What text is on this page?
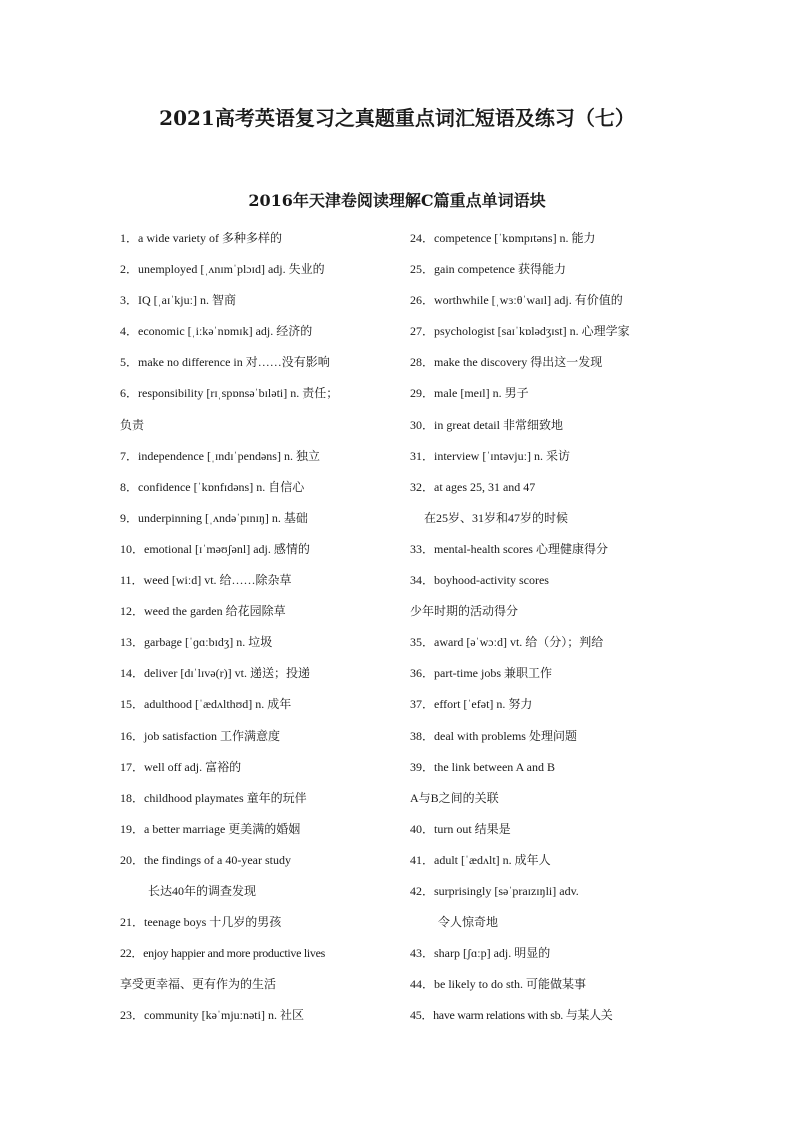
2021高考英语复习之真题重点词汇短语及练习（七）
2016年天津卷阅读理解C篇重点单词语块
1．a wide variety of 多种多样的
2．unemployed [ˌʌnɪmˈplɔɪd] adj. 失业的
3．IQ [ˌaɪˈkjuː] n. 智商
4．economic [ˌiːkəˈnɒmɪk] adj. 经济的
5．make no difference in 对……没有影响
6．responsibility [rɪˌspɒnsəˈbɪləti] n. 责任；
负责
7．independence [ˌɪndɪˈpendəns] n. 独立
8．confidence [ˈkɒnfɪdəns] n. 自信心
9．underpinning [ˌʌndəˈpɪnɪŋ] n. 基础
10．emotional [ɪˈməʊʃənl] adj. 感情的
11．weed [wiːd] vt. 给……除杂草
12．weed the garden 给花园除草
13．garbage [ˈɡɑːbɪdʒ] n. 垃圾
14．deliver [dɪˈlɪvə(r)] vt. 递送；投递
15．adulthood [ˈædʌlthʊd] n. 成年
16．job satisfaction 工作满意度
17．well off adj. 富裕的
18．childhood playmates 童年的玩伴
19．a better marriage 更美满的婚姻
20．the findings of a 40-year study
长达40年的调查发现
21．teenage boys 十几岁的男孩
22．enjoy happier and more productive lives
享受更幸福、更有作为的生活
23．community [kəˈmjuːnəti] n. 社区
24．competence [ˈkɒmpɪtəns] n. 能力
25．gain competence 获得能力
26．worthwhile [ˌwɜːθˈwaɪl] adj. 有价值的
27．psychologist [saɪˈkɒlədʒɪst] n. 心理学家
28．make the discovery 得出这一发现
29．male [meɪl] n. 男子
30．in great detail 非常细致地
31．interview [ˈɪntəvjuː] n. 采访
32．at ages 25, 31 and 47
在25岁、31岁和47岁的时候
33．mental-health scores 心理健康得分
34．boyhood-activity scores
少年时期的活动得分
35．award [əˈwɔːd] vt. 给（分）；判给
36．part-time jobs 兼职工作
37．effort [ˈefət] n. 努力
38．deal with problems 处理问题
39．the link between A and B
A与B之间的关联
40．turn out 结果是
41．adult [ˈædʌlt] n. 成年人
42．surprisingly [səˈpraɪzɪŋli] adv.
令人惊奇地
43．sharp [ʃɑːp] adj. 明显的
44．be likely to do sth. 可能做某事
45．have warm relations with sb. 与某人关
